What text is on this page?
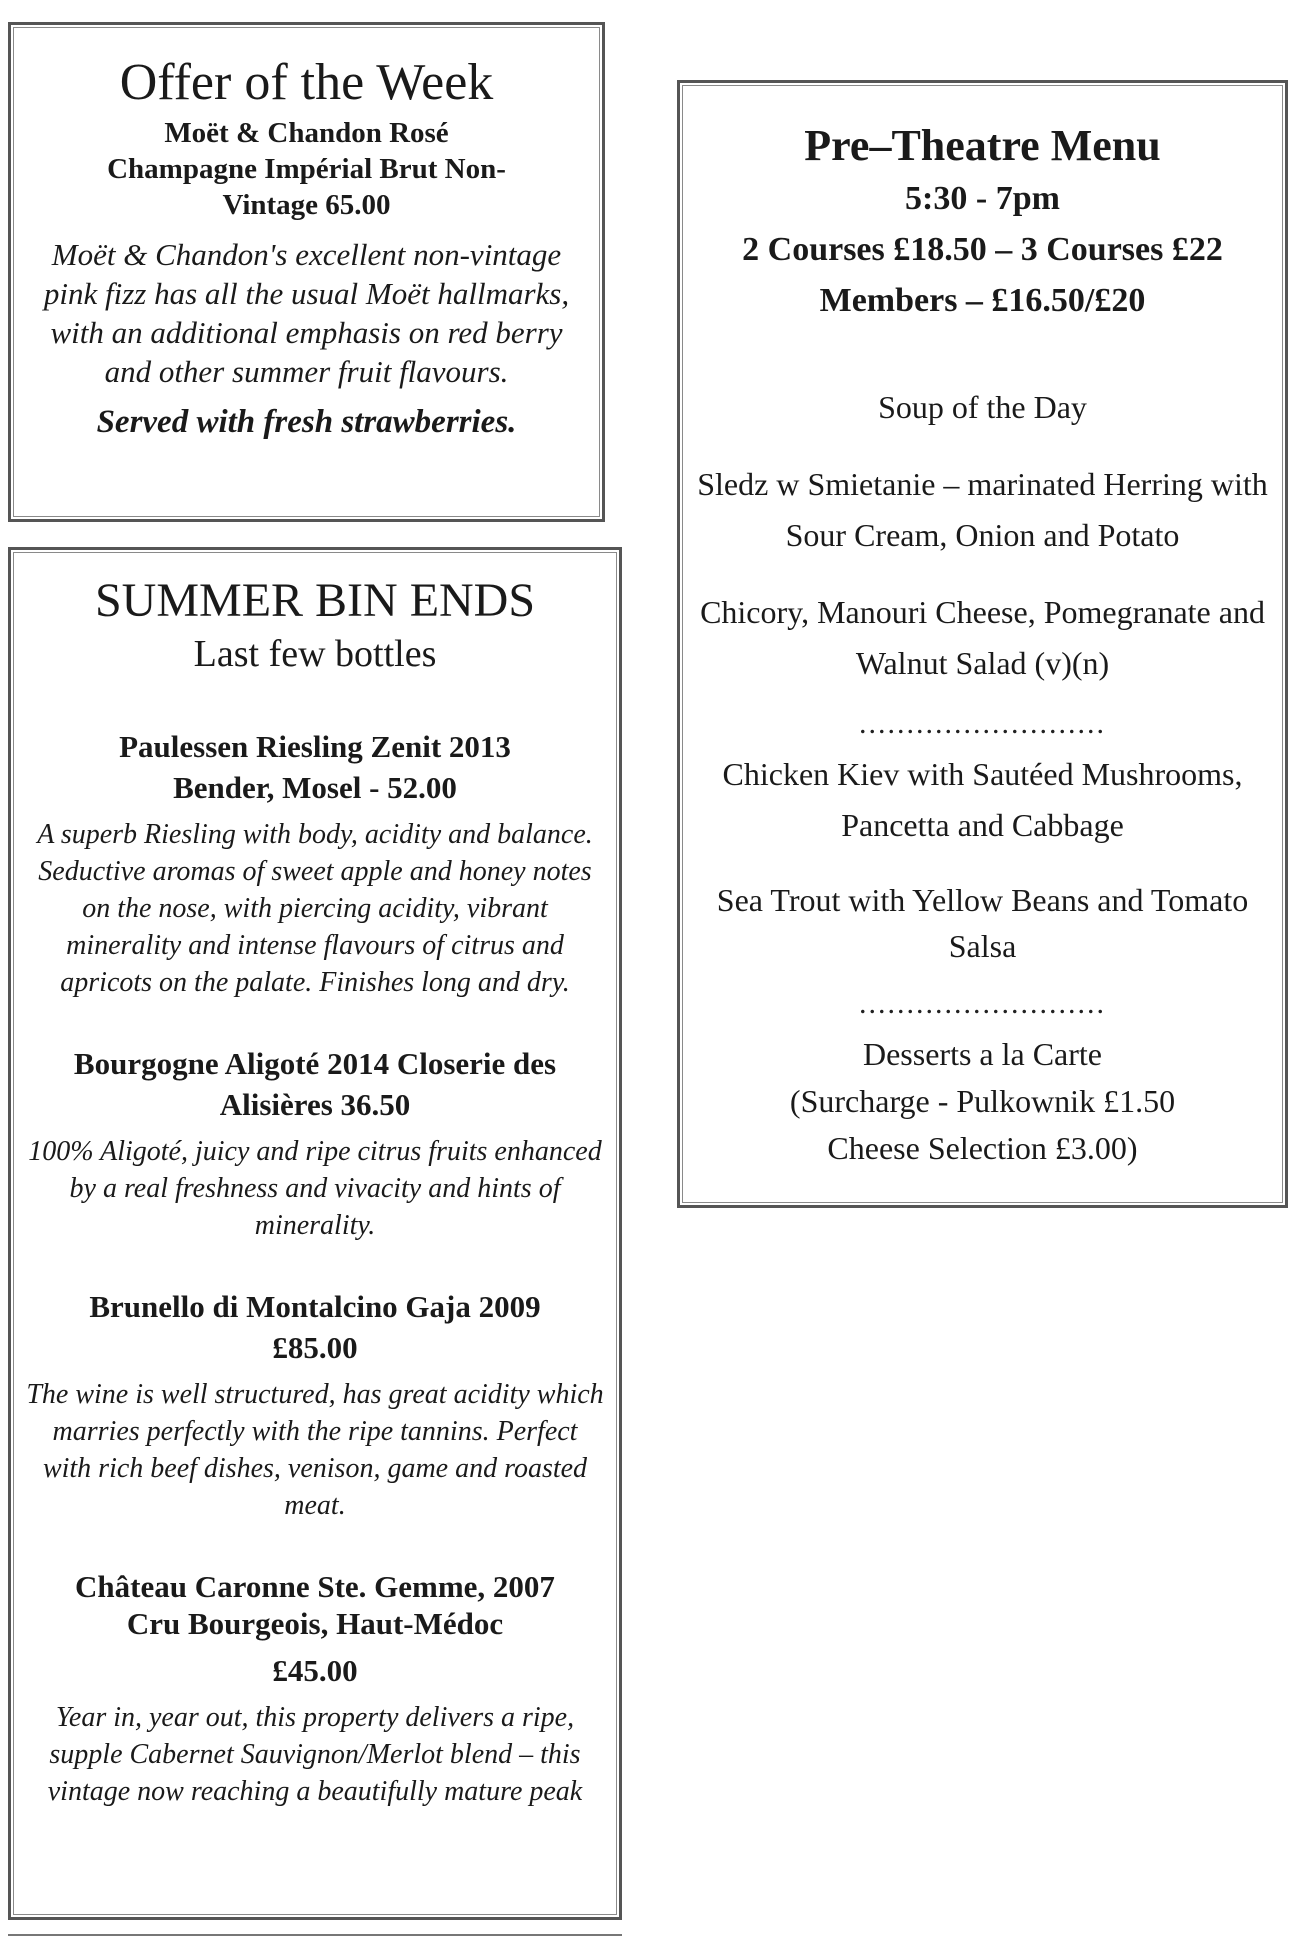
Offer of the Week
Moët & Chandon Rosé
Champagne Impérial Brut Non-
Vintage 65.00
Moët & Chandon's excellent non-vintage pink fizz has all the usual Moët hallmarks, with an additional emphasis on red berry and other summer fruit flavours.
Served with fresh strawberries.
SUMMER BIN ENDS
Last few bottles
Paulessen Riesling Zenit 2013
Bender, Mosel - 52.00
A superb Riesling with body, acidity and balance. Seductive aromas of sweet apple and honey notes on the nose, with piercing acidity, vibrant minerality and intense flavours of citrus and apricots on the palate. Finishes long and dry.
Bourgogne Aligoté 2014 Closerie des
Alisières 36.50
100% Aligoté, juicy and ripe citrus fruits enhanced by a real freshness and vivacity and hints of minerality.
Brunello di Montalcino Gaja 2009
£85.00
The wine is well structured, has great acidity which marries perfectly with the ripe tannins. Perfect with rich beef dishes, venison, game and roasted meat.
Château Caronne Ste. Gemme, 2007
Cru Bourgeois, Haut-Médoc
£45.00
Year in, year out, this property delivers a ripe, supple Cabernet Sauvignon/Merlot blend – this vintage now reaching a beautifully mature peak
Pre–Theatre Menu
5:30 - 7pm
2 Courses £18.50 – 3 Courses £22
Members – £16.50/£20
Soup of the Day
Sledz w Smietanie – marinated Herring with Sour Cream, Onion and Potato
Chicory, Manouri Cheese, Pomegranate and Walnut Salad (v)(n)
..........................
Chicken Kiev with Sautéed Mushrooms, Pancetta and Cabbage
Sea Trout with Yellow Beans and Tomato Salsa
..........................
Desserts a la Carte
(Surcharge - Pulkownik £1.50
Cheese Selection £3.00)
